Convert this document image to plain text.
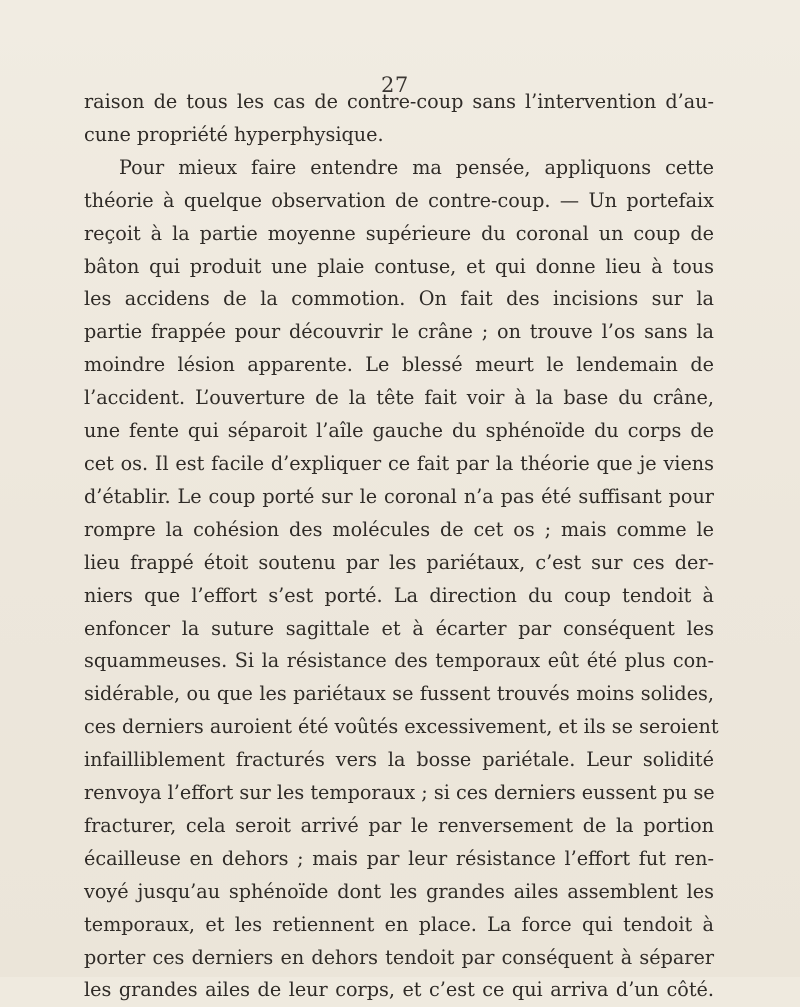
27
raison de tous les cas de contre-coup sans l’intervention d’au-
cune propriété hyperphysique.
Pour mieux faire entendre ma pensée, appliquons cette
théorie à quelque observation de contre-coup. — Un portefaix
reçoit à la partie moyenne supérieure du coronal un coup de
bâton qui produit une plaie contuse, et qui donne lieu à tous
les accidens de la commotion. On fait des incisions sur la
partie frappée pour découvrir le crâne ; on trouve l’os sans la
moindre lésion apparente. Le blessé meurt le lendemain de
l’accident. L’ouverture de la tête fait voir à la base du crâne,
une fente qui séparoit l’aîle gauche du sphénoïde du corps de
cet os. Il est facile d’expliquer ce fait par la théorie que je viens
d’établir. Le coup porté sur le coronal n’a pas été suffisant pour
rompre la cohésion des molécules de cet os ; mais comme le
lieu frappé étoit soutenu par les pariétaux, c’est sur ces der-
niers que l’effort s’est porté. La direction du coup tendoit à
enfoncer la suture sagittale et à écarter par conséquent les
squammeuses. Si la résistance des temporaux eût été plus con-
sidérable, ou que les pariétaux se fussent trouvés moins solides,
ces derniers auroient été voûtés excessivement, et ils se seroient
infailliblement fracturés vers la bosse pariétale. Leur solidité
renvoya l’effort sur les temporaux ; si ces derniers eussent pu se
fracturer, cela seroit arrivé par le renversement de la portion
écailleuse en dehors ; mais par leur résistance l’effort fut ren-
voyé jusqu’au sphénoïde dont les grandes ailes assemblent les
temporaux, et les retiennent en place. La force qui tendoit à
porter ces derniers en dehors tendoit par conséquent à séparer
les grandes ailes de leur corps, et c’est ce qui arriva d’un côté.
